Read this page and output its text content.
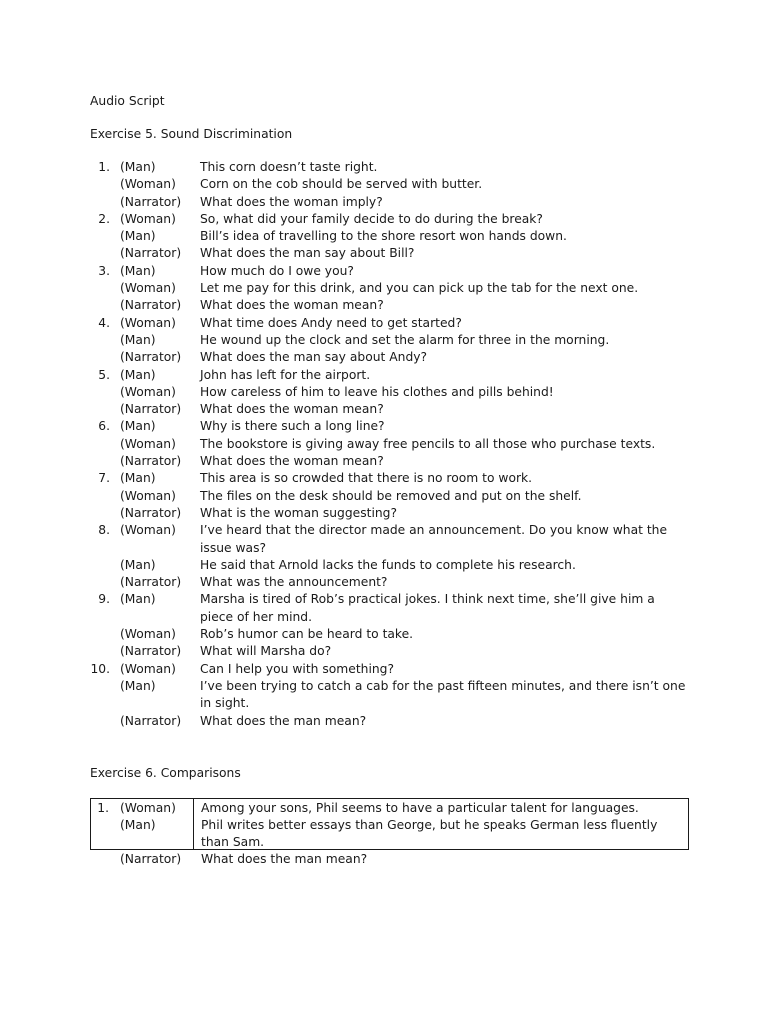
Audio Script
Exercise 5. Sound Discrimination
1. (Man)	This corn doesn’t taste right.
(Woman) Corn on the cob should be served with butter.
(Narrator) What does the woman imply?
2. (Woman) So, what did your family decide to do during the break?
(Man)	Bill’s idea of travelling to the shore resort won hands down.
(Narrator) What does the man say about Bill?
3. (Man)	How much do I owe you?
(Woman) Let me pay for this drink, and you can pick up the tab for the next one.
(Narrator) What does the woman mean?
4. (Woman) What time does Andy need to get started?
(Man)	He wound up the clock and set the alarm for three in the morning.
(Narrator) What does the man say about Andy?
5. (Man)	John has left for the airport.
(Woman) How careless of him to leave his clothes and pills behind!
(Narrator) What does the woman mean?
6. (Man)	Why is there such a long line?
(Woman) The bookstore is giving away free pencils to all those who purchase texts.
(Narrator) What does the woman mean?
7. (Man)	This area is so crowded that there is no room to work.
(Woman) The files on the desk should be removed and put on the shelf.
(Narrator) What is the woman suggesting?
8. (Woman) I’ve heard that the director made an announcement. Do you know what the issue was?
(Man)	He said that Arnold lacks the funds to complete his research.
(Narrator) What was the announcement?
9. (Man)	Marsha is tired of Rob’s practical jokes. I think next time, she’ll give him a piece of her mind.
(Woman) Rob’s humor can be heard to take.
(Narrator) What will Marsha do?
10. (Woman) Can I help you with something?
(Man)	I’ve been trying to catch a cab for the past fifteen minutes, and there isn’t one in sight.
(Narrator) What does the man mean?
Exercise 6. Comparisons
1. (Woman) Among your sons, Phil seems to have a particular talent for languages.
(Man)	Phil writes better essays than George, but he speaks German less fluently than Sam.
(Narrator) What does the man mean?
